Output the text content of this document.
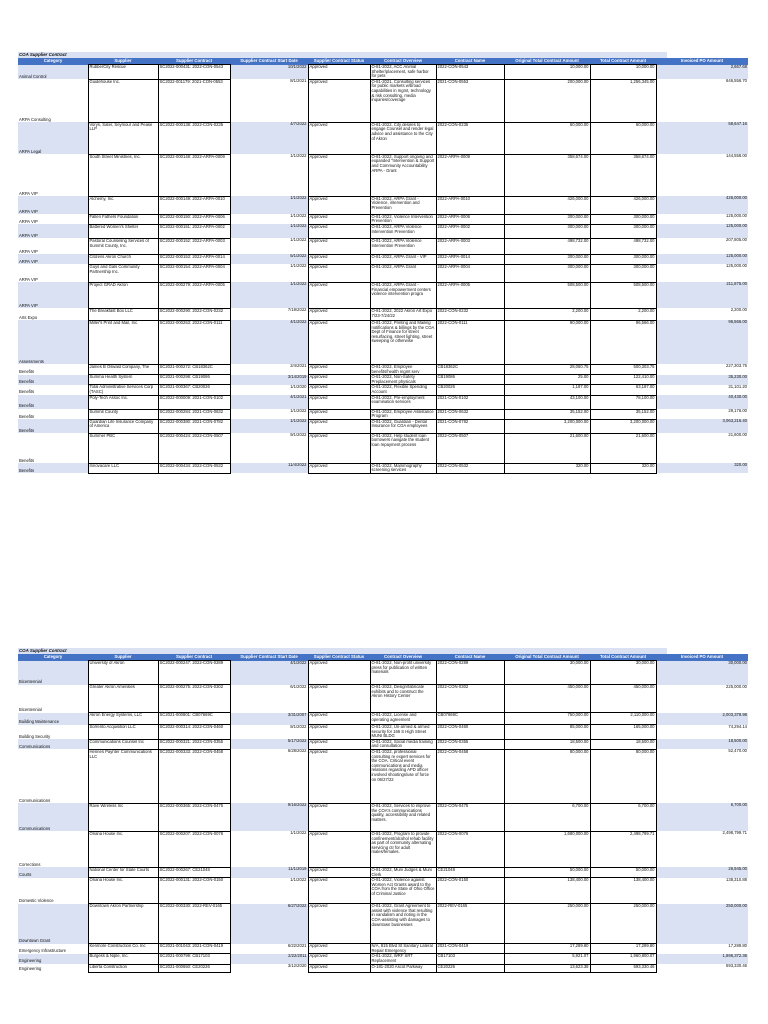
COA Supplier Contract
Category	Supplier	Supplier Contract	Supplier Contract Start Date	Supplier Contract Status	Contract Overview	Contract Name	Original Total Contract Amount	Total Contract Amount	Invoiced PO Amount
Animal Control	RubberCity Rescue	SC2022-000431: 2022-CON-0543	10/1/2022	Approved	O-81-2022, ACC Animal Shelter/placement, safe harbor for pets	2022-CON-0543	10,000.00	10,000.00	2,667.68
ARPA Consulting	Guidehouse Inc.	SC2022-001179: 2021-CON-0553	8/1/2021	Approved	O-81-2021, Consulting services for public markets w/broad capabilities in mgmt, technology & risk consulting, media inquiries/coverage	2021-CON-0553	200,000.00	1,256,345.00	646,556.70
ARPA Legal	Vorys, Sater, Seymour and Pease LLP	SC2022-000138: 2022-CON-0235	4/7/2022	Approved	O-81-2022, City desires to engage Counsel and render legal advice and assistance to the City of Akron	2022-CON-0235	60,000.00	60,000.00	58,647.16
ARPA VIP	South Street Ministries, Inc.	SC2022-000148: 2022-ARPA-0009	1/1/2022	Approved	O-81-2022, Support ongoing and expanded "Intervention & Support and Community Accountability ARPA - Grant	2022-ARPA-0009	358,674.00	358,674.00	144,558.00
ARPA VIP	Alchemy, Inc.	SC2022-000149: 2022-ARPA-0010	1/1/2022	Approved	O-81-2022, ARPA Grant - Violence, intervention and Prevention	2022-ARPA-0010	426,000.00	426,000.00	426,000.00
ARPA VIP	Fallen Fathers Foundation	SC2022-000150: 2022-ARPA-0006	1/1/2022	Approved	O-81-2022, Violence Intervention Prevention	2022-ARPA-0006	300,000.00	300,000.00	125,000.00
ARPA VIP	Battered Women's Shelter	SC2022-000151: 2022-ARPA-0002	1/1/2022	Approved	O-81-2022, ARPA Violence Intervention Prevention	2022-ARPA-0002	300,000.00	300,000.00	125,000.00
ARPA VIP	Pastoral Counseling Services of Summit County, Inc.	SC2022-000152: 2022-ARPA-0003	1/1/2022	Approved	O-81-2022, ARPA Violence Intervention Prevention	2022-ARPA-0003	498,732.00	498,732.00	207,805.00
ARPA VIP	Citizens Akron Church	SC2022-000153: 2022-ARPA-0014	5/1/2022	Approved	O-81-2022, ARPA Grant - VIP	2022-ARPA-0014	300,000.00	300,000.00	125,000.00
ARPA VIP	Guys and Gals Community Partnership Inc.	SC2022-000154: 2022-ARPA-0004	1/1/2022	Approved	O-81-2022, ARPA Grant	2022-ARPA-0004	300,000.00	300,000.00	125,000.00
ARPA VIP	Project GRAD Akron	SC2022-000279: 2022-ARPA-0005	1/1/2022	Approved	O-81-2022, ARPA Grant - Financial empowerment centers violence intervention progra	2022-ARPA-0005	508,500.00	508,500.00	211,875.00
Arts Expo	The Breakfast Box LLC	SC2022-000290: 2022-CON-0232	7/19/2022	Approved	O-81-2022, 2022 Akron Art Expo 7/23-7/24/22	2022-CON-0232	2,200.00	2,200.00	2,200.00
Assessments	Miller's Print and Mail, Inc.	SC2022-000253: 2022-CON-0111	4/1/2022	Approved	O-81-2022, Printing and Mailing notifications & billings by the COA Dept of Finance for street resurfacing, street lighting, street sweeping or otherwise	2022-CON-0111	90,000.00	96,566.00	96,566.00
Benefits	James B Oswald Company, The	SC2021-000272: CB18362C	2/4/2021	Approved	O-81-2022, Employee benefits/health mgmt serv	CB18362C	28,060.75	500,303.75	227,303.75
Benefits	Summa Health System	SC2021-000298: CB19086	3/14/2019	Approved	O-81-2022, Non-Safety Preplacement physicals	CB19086	25.00	122,410.00	35,230.00
Benefits	Total Administrative Services Corp (TASC)	SC2021-000367: CB20026	1/1/2020	Approved	O-81-2022, Flexible Spending Account	CB20026	1,187.00	63,187.00	31,101.20
Benefits	Poly-Tech Assoc Inc.	SC2022-000009: 2021-CON-0102	4/1/2021	Approved	O-81-2022, Pre-employment examination services	2021-CON-0102	43,100.00	78,100.00	40,430.00
Benefits	Summit County	SC2022-000284: 2021-CON-0632	1/1/2022	Approved	O-81-2022, Employee Assistance Program	2021-CON-0632	35,152.00	35,152.00	29,176.00
Benefits	Guardian Life Insurance Company of America	SC2022-000380: 2021-CON-0782	1/1/2022	Approved	O-81-2022, Guardian - Dental Insurance for COA employees	2021-CON-0782	3,200,000.00	3,200,000.00	3,063,216.40
Benefits	Summer PBC	SC2022-000424: 2022-CON-0507	9/1/2022	Approved	O-81-2022, Help student loan borrowers navigate the student loan repayment process	2022-CON-0507	21,600.00	21,600.00	21,600.00
Benefits	Innovacare LLC	SC2022-000434: 2022-CON-0532	11/4/2022	Approved	O-81-2022, Mammography screening services	2022-CON-0532	320.00	320.00	320.00
COA Supplier Contract
Category	Supplier	Supplier Contract	Supplier Contract Start Date	Supplier Contract Status	Contract Overview	Contract Name	Original Total Contract Amount	Total Contract Amount	Invoiced PO Amount
Bicentennial	University of Akron	SC2022-000247: 2022-CON-0289	4/1/2022	Approved	O-81-2022, Non-profit university press for publication of written materials	2022-CON-0289	30,000.00	30,000.00	30,000.00
Bicentennial	Greater Akron Amenities	SC2022-000275: 2022-CON-0302	6/1/2022	Approved	O-81-2022, Design/fabricate exhibits and to construct the Akron History Center	2022-CON-0302	450,000.00	450,000.00	225,000.00
Building Maintenance	Akron Energy Systems, LLC	SC2021-000801: CB07669C	3/31/2007	Approved	O-81-2022, License and operating agreement	CB07669C	750,000.00	2,110,000.00	2,003,378.98
Building Security	Sorrento Acquisition LLC	SC2022-000314: 2022-CON-0460	8/1/2022	Approved	O-81-2022, Un-armed & armed security for 166 S High Street MUNI BLDG	2022-CON-0460	85,000.00	165,000.00	74,294.14
Communications	Communications Counsel Inc	SC2022-000321: 2022-CON-0355	5/17/2022	Approved	O-81-2022, Social media training and consultation	2022-CON-0355	18,500.00	18,500.00	18,500.00
Communications	Hennes Paynter Communications LLC	SC2022-000333: 2022-CON-0458	6/28/2022	Approved	O-81-2022, professional consulting re expert services for the COA. Critical event communications and media relations regarding APD officer involved shootings/use of force on 06/27/22	2022-CON-0458	80,000.00	80,000.00	52,470.00
Communications	Rave Wireless Inc	SC2022-000365: 2022-CON-0475	9/16/2022	Approved	O-81-2022, Services to improve the COA's communications quality, accessibility and related matters.	2022-CON-0475	6,700.00	6,700.00	6,700.00
Corrections	Oriana House Inc.	SC2022-000207: 2022-CON-0076	1/1/2022	Approved	O-81-2022, Program to provide confinement/alcohol rehab facility as part of community alternating servicing ctr for adult males/females.	2022-CON-0076	1,680,000.00	2,498,799.71	2,498,799.71
Courts	National Center for State Courts	SC2022-000267: CE21048	11/1/2019	Approved	O-81-2022, Muni Judges & Muni Clerk	CE21048	50,000.00	50,000.00	26,945.00
Domestic Violence	Oriana House Inc.	SC2022-000131: 2022-CON-0150	1/1/2022	Approved	O-81-2022, Violence against Women Act Grants award to the COA from the State of Ohio Office of Criminal Justice	2022-CON-0150	138,400.00	138,400.00	138,310.88
Downtown Grant	Downtown Akron Partnership	SC2022-000330: 2022-REV-0165	6/27/2022	Approved	O-81-2022, Grant Agreement to assist with violence that resulting in vandalism and rioting in the COA-assisting with damages to downtown businesses	2022-REV-0165	250,000.00	250,000.00	250,000.00
Emergency Infrastructure	Kenmore Construction Co. Inc	SC2021-001043: 2021-CON-0419	6/22/2021	Approved	N/A, 815 Blvd St Sanitary Lateral Repair Emergency	2021-CON-0419	17,289.80	17,289.80	17,289.80
Engineering	Burgess & Niple, Inc.	SC2021-000799: CB17103	2/22/2011	Approved	O-81-2022, WRF SRT Replacement	CB17103	5,921.07	1,960,800.07	1,896,372.36
Engineering	Liberta Construction	SC2021-000650: CE20226	3/12/2020	Approved	O-181-2020 Ascot Parkway	CE20226	13,623.38	593,330.46	593,330.46
